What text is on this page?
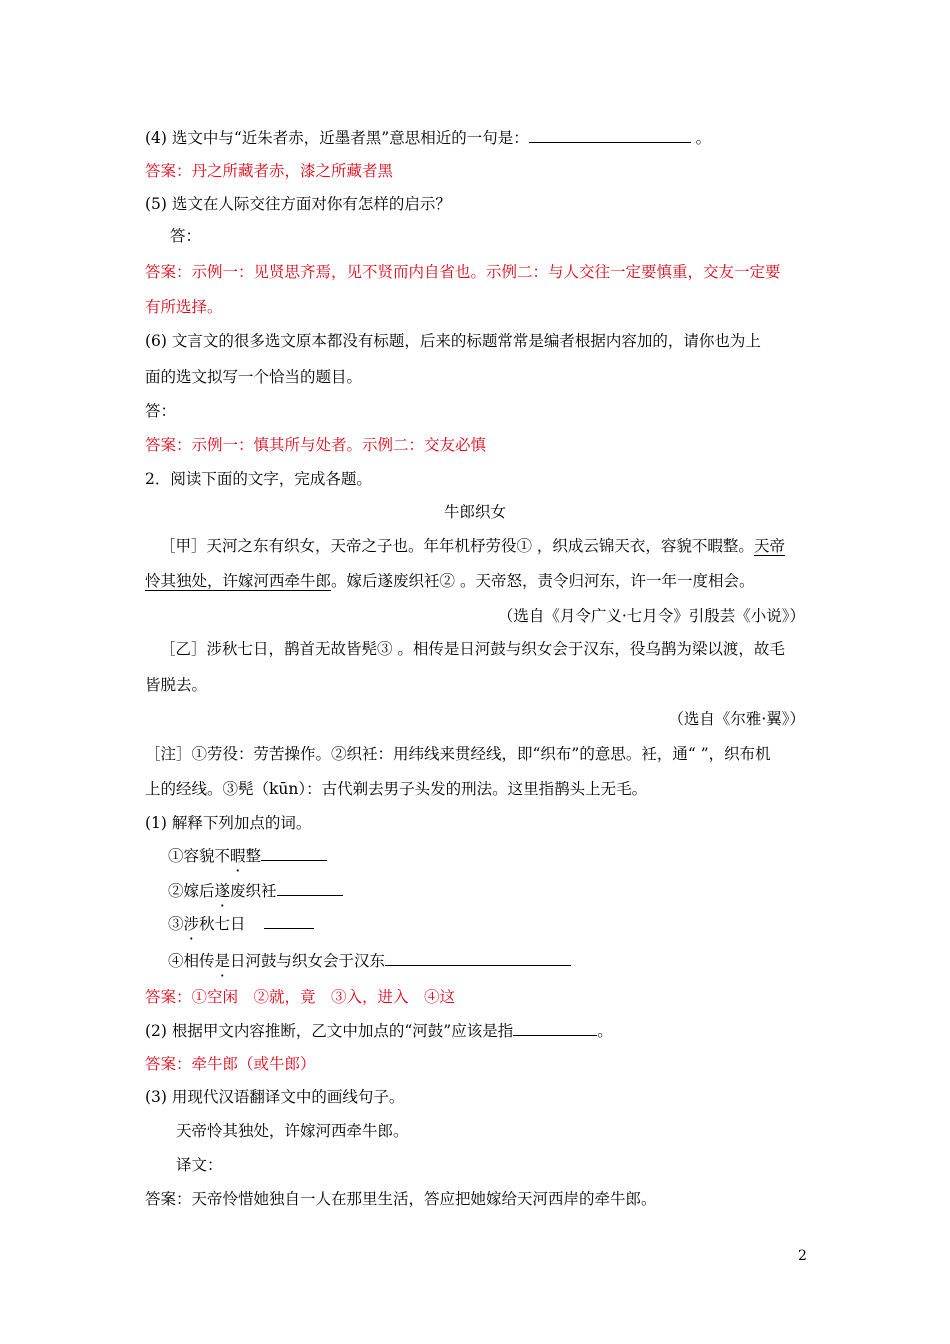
(4) 选文中与“近朱者赤，近墨者黑”意思相近的一句是：	。
答案：丹之所藏者赤，漆之所藏者黑
(5) 选文在人际交往方面对你有怎样的启示？
答：
答案：示例一：见贤思齐焉，见不贤而内自省也。示例二：与人交往一定要慎重，交友一定要
有所选择。
(6) 文言文的很多选文原本都没有标题，后来的标题常常是编者根据内容加的，请你也为上
面的选文拟写一个恰当的题目。
答：
答案：示例一：慎其所与处者。示例二：交友必慎
2．阅读下面的文字，完成各题。
牛郎织女
［甲］天河之东有织女，天帝之子也。年年机杼劳役① ，织成云锦天衣，容貌不暇整。天帝
怜其独处，许嫁河西牵牛郎。嫁后遂废织衽② 。天帝怒，责令归河东，许一年一度相会。
（选自《月令广义·七月令》引殷芸《小说》）
［乙］涉秋七日，鹊首无故皆髡③ 。相传是日河鼓与织女会于汉东，役乌鹊为梁以渡，故毛
皆脱去。
（选自《尔雅·翼》）
［注］①劳役：劳苦操作。②织衽：用纬线来贯经线，即“织布”的意思。衽，通“ ”，织布机
上的经线。③髡（kūn）：古代剃去男子头发的刑法。这里指鹊头上无毛。
(1) 解释下列加点的词。
①容貌不暇整
②嫁后遂废织衽
③涉秋七日
④相传是日河鼓与织女会于汉东
答案：①空闲　②就，竟　③入，进入　④这
(2) 根据甲文内容推断，乙文中加点的“河鼓”应该是指	。
答案：牵牛郎（或牛郎）
(3) 用现代汉语翻译文中的画线句子。
天帝怜其独处，许嫁河西牵牛郎。
译文：
答案：天帝怜惜她独自一人在那里生活，答应把她嫁给天河西岸的牵牛郎。
2
